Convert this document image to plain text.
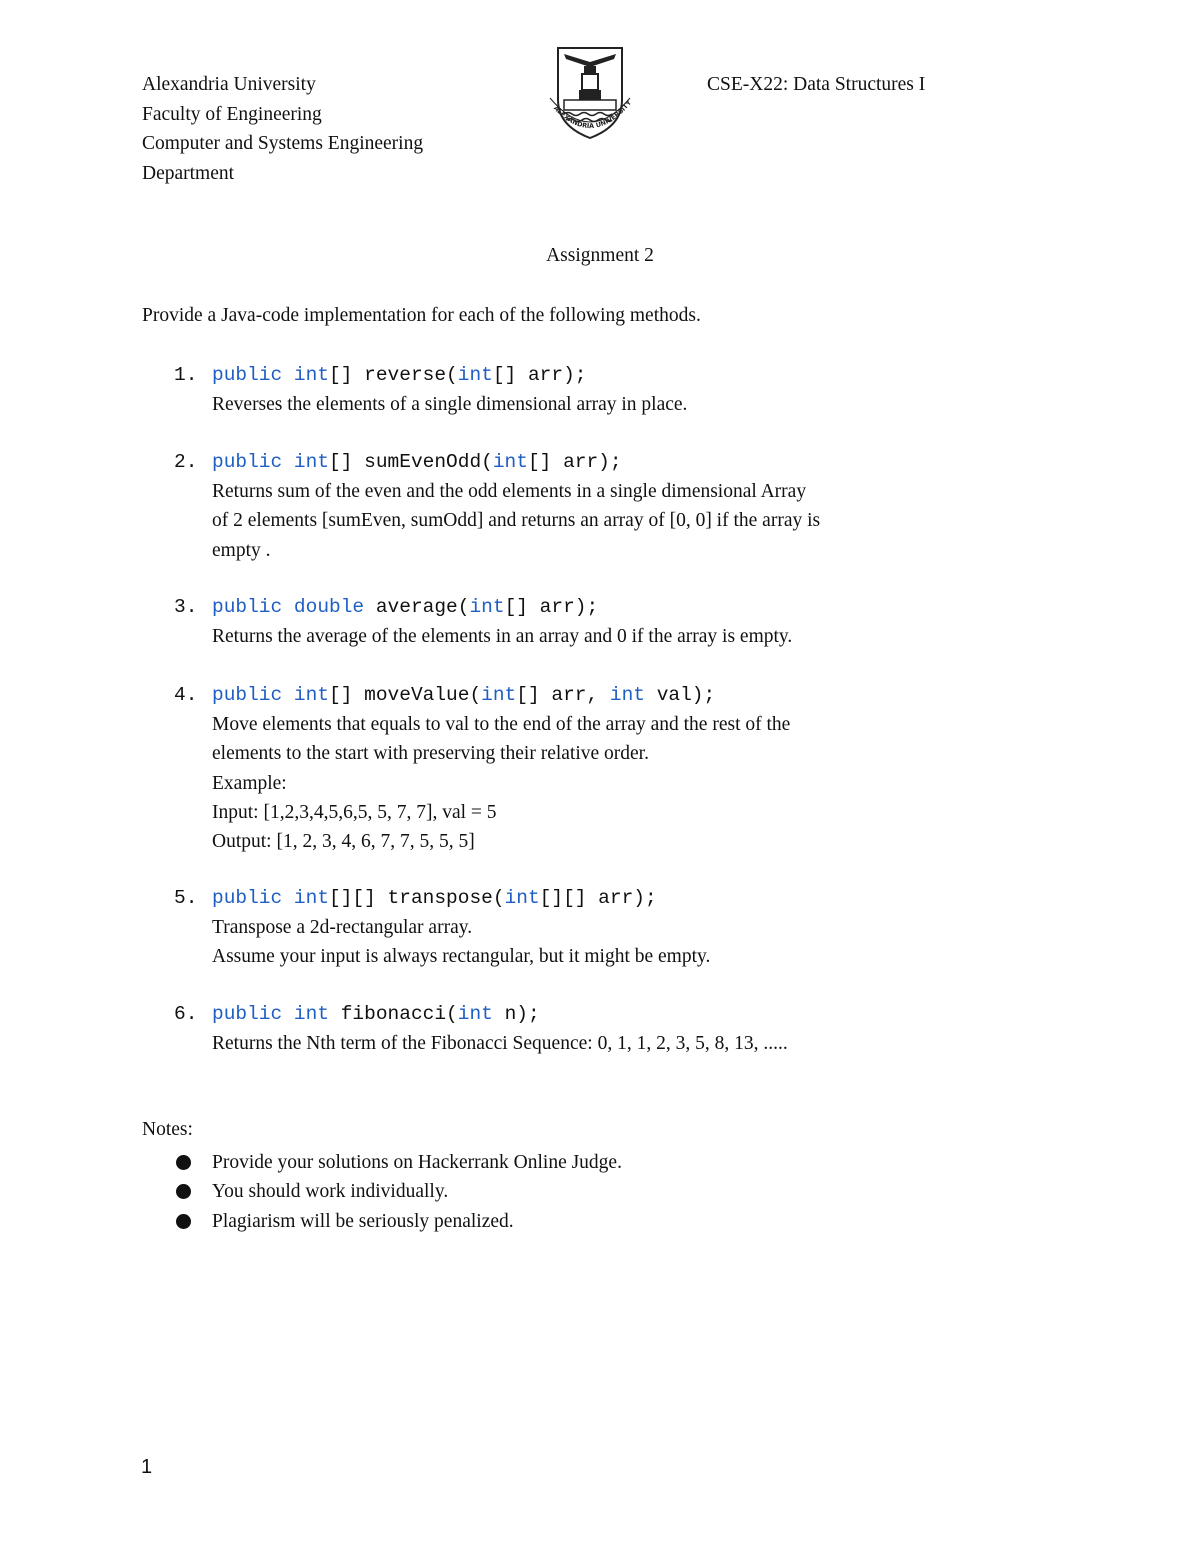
Alexandria University
Faculty of Engineering
Computer and Systems Engineering
Department
ALEXANDRIA UNIVERSITY
CSE-X22: Data Structures I
Assignment 2
Provide a Java-code implementation for each of the following methods.
1. public int[] reverse(int[] arr);
Reverses the elements of a single dimensional array in place.
2. public int[] sumEvenOdd(int[] arr);
Returns sum of the even and the odd elements in a single dimensional Array
of 2 elements [sumEven, sumOdd] and returns an array of [0, 0] if the array is
empty .
3. public double average(int[] arr);
Returns the average of the elements in an array and 0 if the array is empty.
4. public int[] moveValue(int[] arr, int val);
Move elements that equals to val to the end of the array and the rest of the
elements to the start with preserving their relative order.
Example:
Input: [1,2,3,4,5,6,5, 5, 7, 7], val = 5
Output: [1, 2, 3, 4, 6, 7, 7, 5, 5, 5]
5. public int[][] transpose(int[][] arr);
Transpose a 2d-rectangular array.
Assume your input is always rectangular, but it might be empty.
6. public int fibonacci(int n);
Returns the Nth term of the Fibonacci Sequence: 0, 1, 1, 2, 3, 5, 8, 13, .....
Notes:
Provide your solutions on Hackerrank Online Judge.
You should work individually.
Plagiarism will be seriously penalized.
1
